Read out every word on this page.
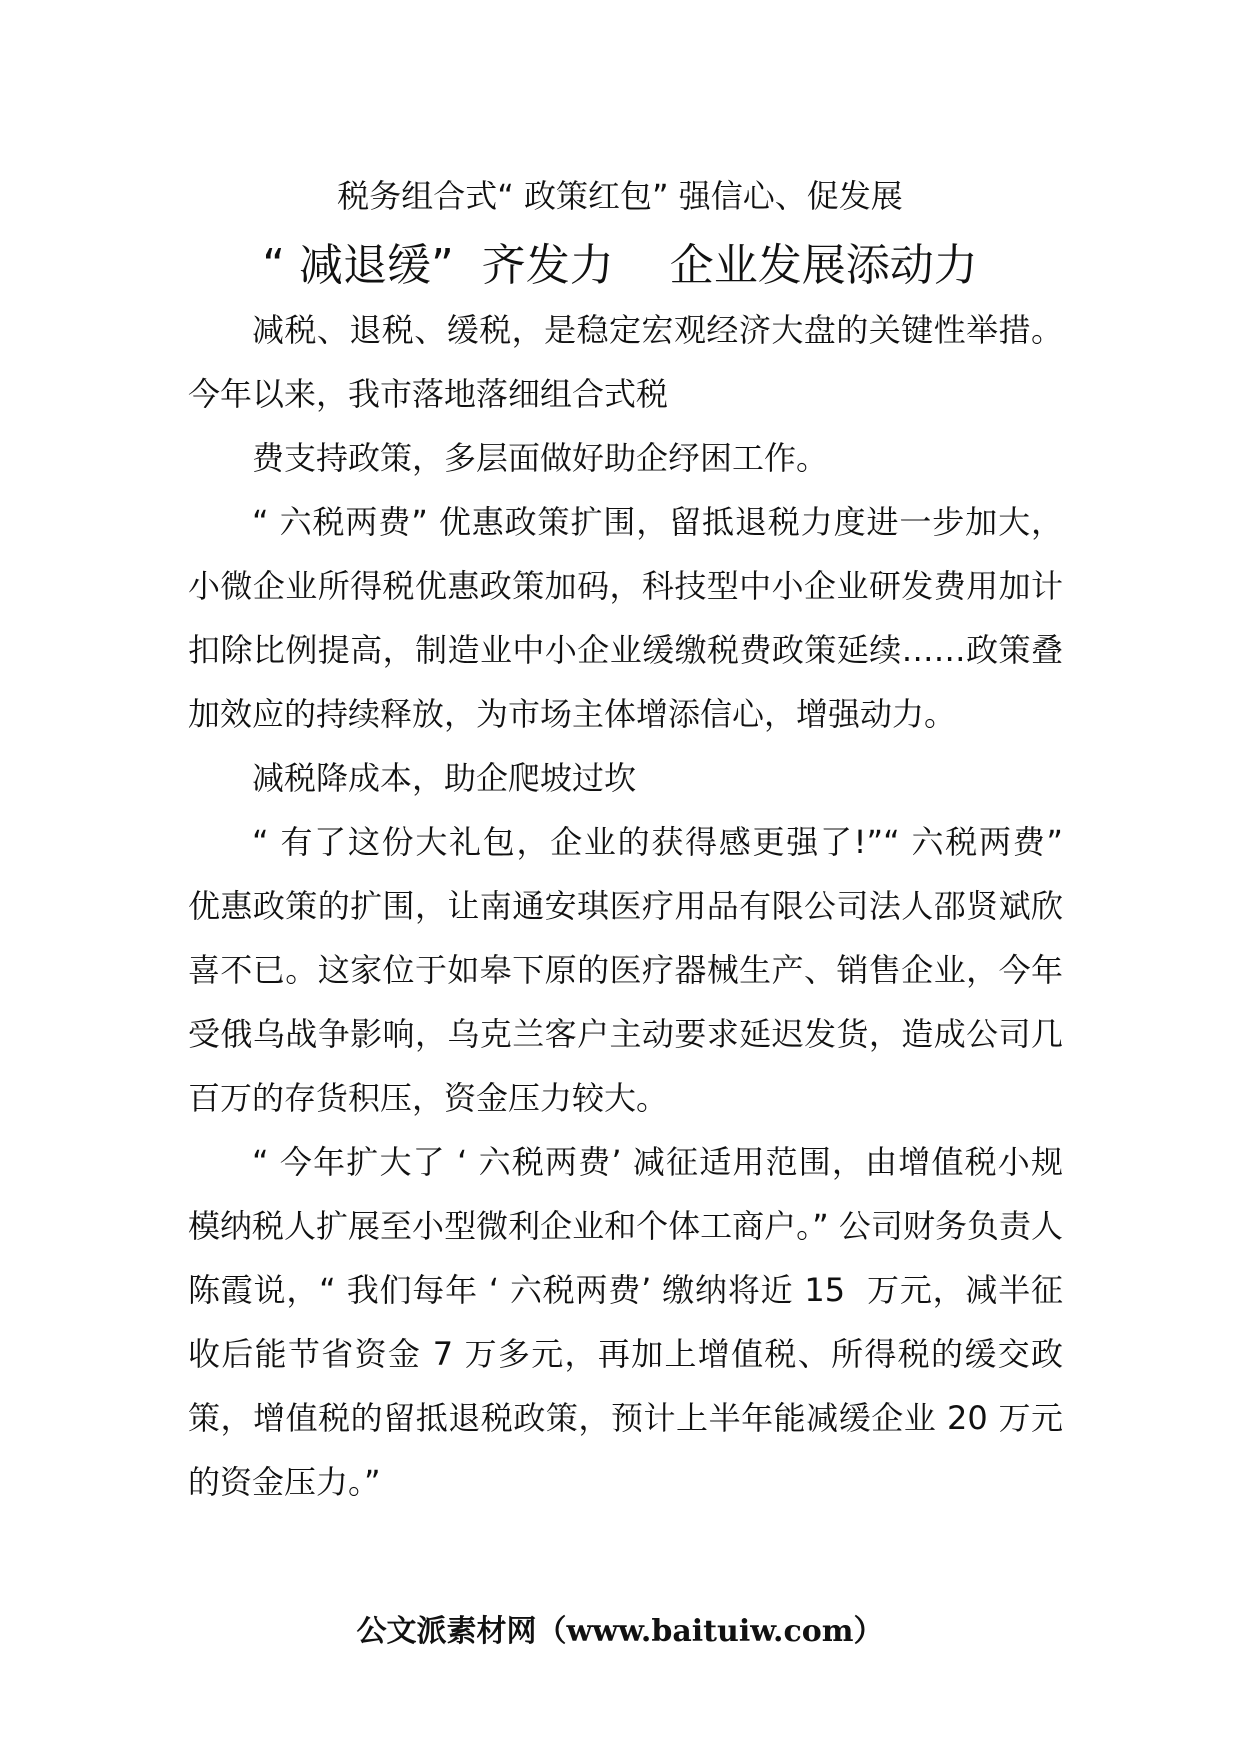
税务组合式“ 政策红包” 强信心、促发展
“ 减退缓”  齐发力    企业发展添动力

减税、退税、缓税，是稳定宏观经济大盘的关键性举措。今年以来，我市落地落细组合式税

费支持政策，多层面做好助企纾困工作。

“ 六税两费” 优惠政策扩围，留抵退税力度进一步加大，小微企业所得税优惠政策加码，科技型中小企业研发费用加计扣除比例提高，制造业中小企业缓缴税费政策延续……政策叠加效应的持续释放，为市场主体增添信心，增强动力。

减税降成本，助企爬坡过坎

“ 有了这份大礼包，企业的获得感更强了!”“ 六税两费” 优惠政策的扩围，让南通安琪医疗用品有限公司法人邵贤斌欣喜不已。这家位于如皋下原的医疗器械生产、销售企业，今年受俄乌战争影响，乌克兰客户主动要求延迟发货，造成公司几百万的存货积压，资金压力较大。

“ 今年扩大了 ‘ 六税两费’ 减征适用范围，由增值税小规模纳税人扩展至小型微利企业和个体工商户。” 公司财务负责人陈霞说，“ 我们每年 ‘ 六税两费’ 缴纳将近 15  万元，减半征收后能节省资金 7 万多元，再加上增值税、所得税的缓交政策，增值税的留抵退税政策，预计上半年能减缓企业 20 万元的资金压力。”

公文派素材网（www.baituiw.com）
